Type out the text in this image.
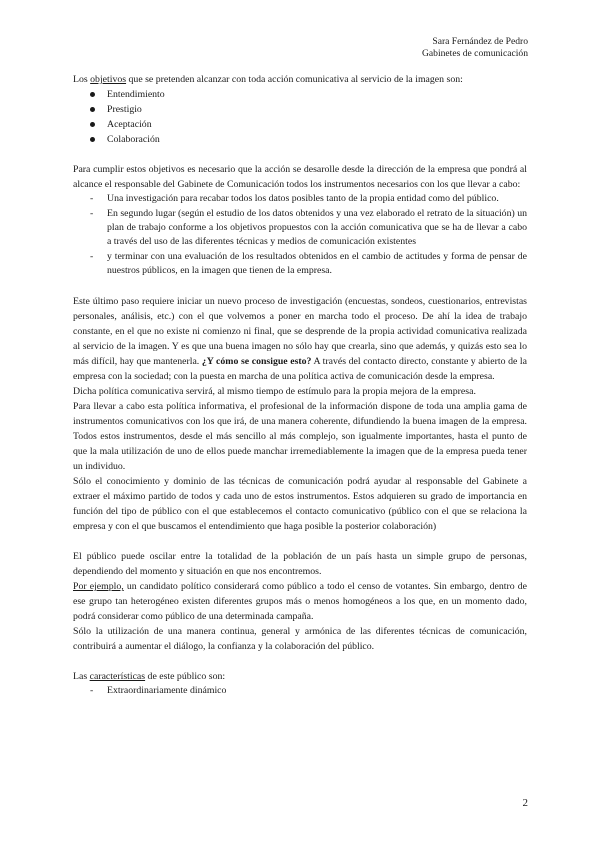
Sara Fernández de Pedro
Gabinetes de comunicación

Los objetivos que se pretenden alcanzar con toda acción comunicativa al servicio de la imagen son:

Entendimiento
Prestigio
Aceptación
Colaboración

Para cumplir estos objetivos es necesario que la acción se desarolle desde la dirección de la empresa que pondrá al alcance el responsable del Gabinete de Comunicación todos los instrumentos necesarios con los que llevar a cabo:

- Una investigación para recabar todos los datos posibles tanto de la propia entidad como del público.
- En segundo lugar (según el estudio de los datos obtenidos y una vez elaborado el retrato de la situación) un plan de trabajo conforme a los objetivos propuestos con la acción comunicativa que se ha de llevar a cabo a través del uso de las diferentes técnicas y medios de comunicación existentes
- y terminar con una evaluación de los resultados obtenidos en el cambio de actitudes y forma de pensar de nuestros públicos, en la imagen que tienen de la empresa.

Este último paso requiere iniciar un nuevo proceso de investigación (encuestas, sondeos, cuestionarios, entrevistas personales, análisis, etc.) con el que volvemos a poner en marcha todo el proceso. De ahí la idea de trabajo constante, en el que no existe ni comienzo ni final, que se desprende de la propia actividad comunicativa realizada al servicio de la imagen. Y es que una buena imagen no sólo hay que crearla, sino que además, y quizás esto sea lo más difícil, hay que mantenerla. ¿Y cómo se consigue esto? A través del contacto directo, constante y abierto de la empresa con la sociedad; con la puesta en marcha de una política activa de comunicación desde la empresa.

Dicha política comunicativa servirá, al mismo tiempo de estímulo para la propia mejora de la empresa.

Para llevar a cabo esta política informativa, el profesional de la información dispone de toda una amplia gama de instrumentos comunicativos con los que irá, de una manera coherente, difundiendo la buena imagen de la empresa. Todos estos instrumentos, desde el más sencillo al más complejo, son igualmente importantes, hasta el punto de que la mala utilización de uno de ellos puede manchar irremediablemente la imagen que de la empresa pueda tener un individuo.

Sólo el conocimiento y dominio de las técnicas de comunicación podrá ayudar al responsable del Gabinete a extraer el máximo partido de todos y cada uno de estos instrumentos. Estos adquieren su grado de importancia en función del tipo de público con el que establecemos el contacto comunicativo (público con el que se relaciona la empresa y con el que buscamos el entendimiento que haga posible la posterior colaboración)

El público puede oscilar entre la totalidad de la población de un país hasta un simple grupo de personas, dependiendo del momento y situación en que nos encontremos.

Por ejemplo, un candidato político considerará como público a todo el censo de votantes. Sin embargo, dentro de ese grupo tan heterogéneo existen diferentes grupos más o menos homogéneos a los que, en un momento dado, podrá considerar como público de una determinada campaña.

Sólo la utilización de una manera continua, general y armónica de las diferentes técnicas de comunicación, contribuirá a aumentar el diálogo, la confianza y la colaboración del público.

Las características de este público son:

- Extraordinariamente dinámico
2
